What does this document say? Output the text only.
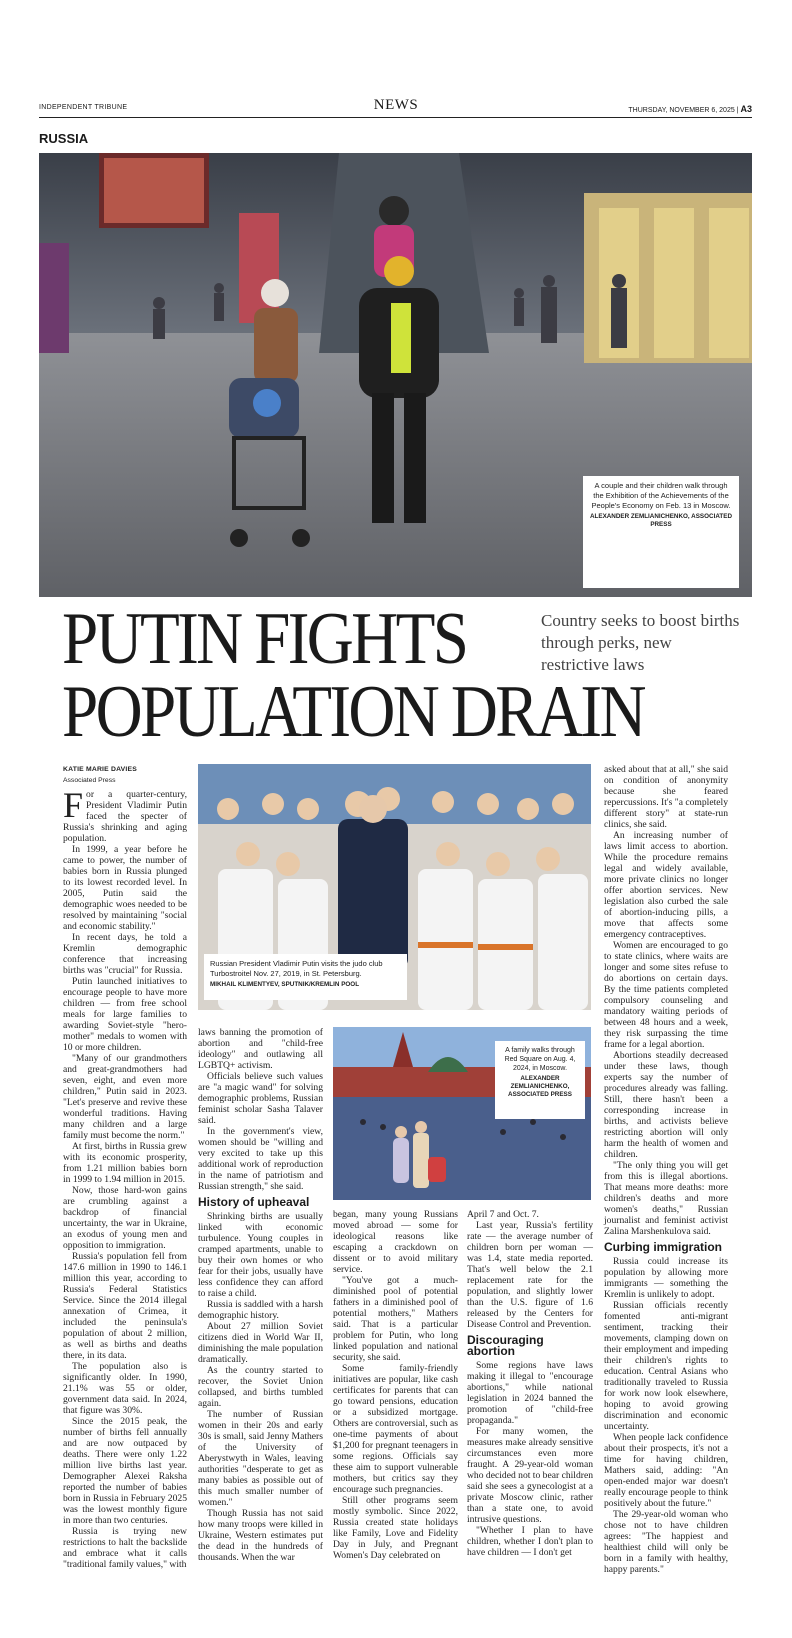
INDEPENDENT TRIBUNE	NEWS	THURSDAY, NOVEMBER 6, 2025 | A3
RUSSIA
A couple and their children walk through the Exhibition of the Achievements of the People's Economy on Feb. 13 in Moscow.
ALEXANDER ZEMLIANICHENKO, ASSOCIATED PRESS
PUTIN FIGHTS
POPULATION DRAIN
Country seeks to boost births through perks, new restrictive laws
KATIE MARIE DAVIES
Associated Press

For a quarter-century, President Vladimir Putin faced the specter of Russia's shrinking and aging population.

In 1999, a year before he came to power, the number of babies born in Russia plunged to its lowest recorded level. In 2005, Putin said the demographic woes needed to be resolved by maintaining "social and economic stability."

In recent days, he told a Kremlin demographic conference that increasing births was "crucial" for Russia.

Putin launched initiatives to encourage people to have more children — from free school meals for large families to awarding Soviet-style "hero-mother" medals to women with 10 or more children.

"Many of our grandmothers and great-grandmothers had seven, eight, and even more children," Putin said in 2023. "Let's preserve and revive these wonderful traditions. Having many children and a large family must become the norm."

At first, births in Russia grew with its economic prosperity, from 1.21 million babies born in 1999 to 1.94 million in 2015.

Now, those hard-won gains are crumbling against a backdrop of financial uncertainty, the war in Ukraine, an exodus of young men and opposition to immigration.

Russia's population fell from 147.6 million in 1990 to 146.1 million this year, according to Russia's Federal Statistics Service. Since the 2014 illegal annexation of Crimea, it included the peninsula's population of about 2 million, as well as births and deaths there, in its data.

The population also is significantly older. In 1990, 21.1% was 55 or older, government data said. In 2024, that figure was 30%.

Since the 2015 peak, the number of births fell annually and are now outpaced by deaths. There were only 1.22 million live births last year. Demographer Alexei Raksha reported the number of babies born in Russia in February 2025 was the lowest monthly figure in more than two centuries.

Russia is trying new restrictions to halt the backslide and embrace what it calls "traditional family values," with

Russian President Vladimir Putin visits the judo club Turbostroitel Nov. 27, 2019, in St. Petersburg.
MIKHAIL KLIMENTYEV, SPUTNIK/KREMLIN POOL

laws banning the promotion of abortion and "child-free ideology" and outlawing all LGBTQ+ activism.

Officials believe such values are "a magic wand" for solving demographic problems, Russian feminist scholar Sasha Talaver said.

In the government's view, women should be "willing and very excited to take up this additional work of reproduction in the name of patriotism and Russian strength," she said.

History of upheaval

Shrinking births are usually linked with economic turbulence. Young couples in cramped apartments, unable to buy their own homes or who fear for their jobs, usually have less confidence they can afford to raise a child.

Russia is saddled with a harsh demographic history.

About 27 million Soviet citizens died in World War II, diminishing the male population dramatically.

As the country started to recover, the Soviet Union collapsed, and births tumbled again.

The number of Russian women in their 20s and early 30s is small, said Jenny Mathers of the University of Aberystwyth in Wales, leaving authorities "desperate to get as many babies as possible out of this much smaller number of women."

Though Russia has not said how many troops were killed in Ukraine, Western estimates put the dead in the hundreds of thousands. When the war

A family walks through Red Square on Aug. 4, 2024, in Moscow.
ALEXANDER ZEMLIANICHENKO, ASSOCIATED PRESS

began, many young Russians moved abroad — some for ideological reasons like escaping a crackdown on dissent or to avoid military service.

"You've got a much-diminished pool of potential fathers in a diminished pool of potential mothers," Mathers said. That is a particular problem for Putin, who long linked population and national security, she said.

Some family-friendly initiatives are popular, like cash certificates for parents that can go toward pensions, education or a subsidized mortgage. Others are controversial, such as one-time payments of about $1,200 for pregnant teenagers in some regions. Officials say these aim to support vulnerable mothers, but critics say they encourage such pregnancies.

Still other programs seem mostly symbolic. Since 2022, Russia created state holidays like Family, Love and Fidelity Day in July, and Pregnant Women's Day celebrated on

April 7 and Oct. 7.

Last year, Russia's fertility rate — the average number of children born per woman — was 1.4, state media reported. That's well below the 2.1 replacement rate for the population, and slightly lower than the U.S. figure of 1.6 released by the Centers for Disease Control and Prevention.

Discouraging abortion

Some regions have laws making it illegal to "encourage abortions," while national legislation in 2024 banned the promotion of "child-free propaganda."

For many women, the measures make already sensitive circumstances even more fraught. A 29-year-old woman who decided not to bear children said she sees a gynecologist at a private Moscow clinic, rather than a state one, to avoid intrusive questions.

"Whether I plan to have children, whether I don't plan to have children — I don't get

asked about that at all," she said on condition of anonymity because she feared repercussions. It's "a completely different story" at state-run clinics, she said.

An increasing number of laws limit access to abortion. While the procedure remains legal and widely available, more private clinics no longer offer abortion services. New legislation also curbed the sale of abortion-inducing pills, a move that affects some emergency contraceptives.

Women are encouraged to go to state clinics, where waits are longer and some sites refuse to do abortions on certain days. By the time patients completed compulsory counseling and mandatory waiting periods of between 48 hours and a week, they risk surpassing the time frame for a legal abortion.

Abortions steadily decreased under these laws, though experts say the number of procedures already was falling. Still, there hasn't been a corresponding increase in births, and activists believe restricting abortion will only harm the health of women and children.

"The only thing you will get from this is illegal abortions. That means more deaths: more children's deaths and more women's deaths," Russian journalist and feminist activist Zalina Marshenkulova said.

Curbing immigration

Russia could increase its population by allowing more immigrants — something the Kremlin is unlikely to adopt.

Russian officials recently fomented anti-migrant sentiment, tracking their movements, clamping down on their employment and impeding their children's rights to education. Central Asians who traditionally traveled to Russia for work now look elsewhere, hoping to avoid growing discrimination and economic uncertainty.

When people lack confidence about their prospects, it's not a time for having children, Mathers said, adding: "An open-ended major war doesn't really encourage people to think positively about the future."

The 29-year-old woman who chose not to have children agrees: "The happiest and healthiest child will only be born in a family with healthy, happy parents."
